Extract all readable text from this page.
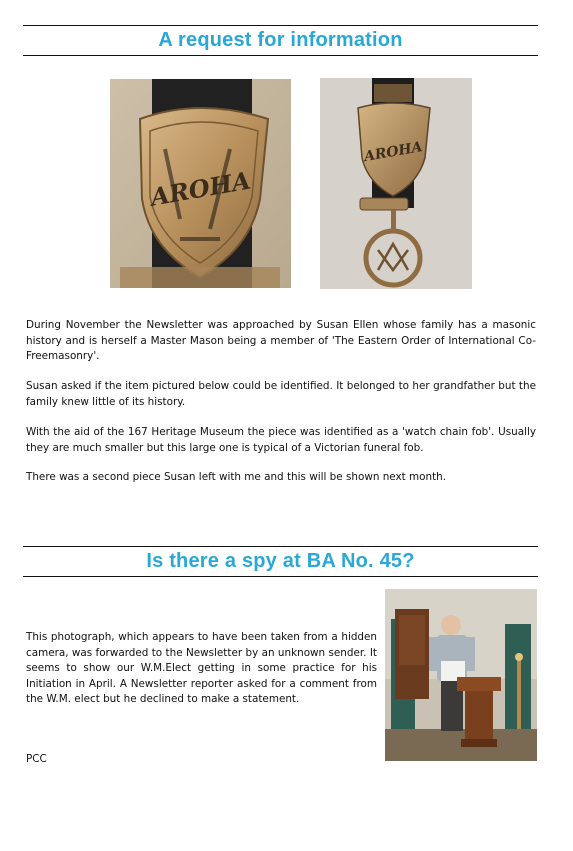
A request for information
AROHA
AROHA
During November the Newsletter was approached by Susan Ellen whose family has a masonic history and is herself a Master Mason being a member of 'The Eastern Order of International Co-Freemasonry'.
Susan asked if the item pictured below could be identified. It belonged to her grandfather but the family knew little of its history.
With the aid of the 167 Heritage Museum the piece was identified as a 'watch chain fob'. Usually they are much smaller but this large one is typical of a Victorian funeral fob.
There was a second piece Susan left with me and this will be shown next month.
Is there a spy at BA No. 45?
This photograph, which appears to have been taken from a hidden camera, was forwarded to the Newsletter by an unknown sender. It seems to show our W.M.Elect getting in some practice for his Initiation in April. A Newsletter reporter asked for a comment from the W.M. elect but he declined to make a statement.
PCC
